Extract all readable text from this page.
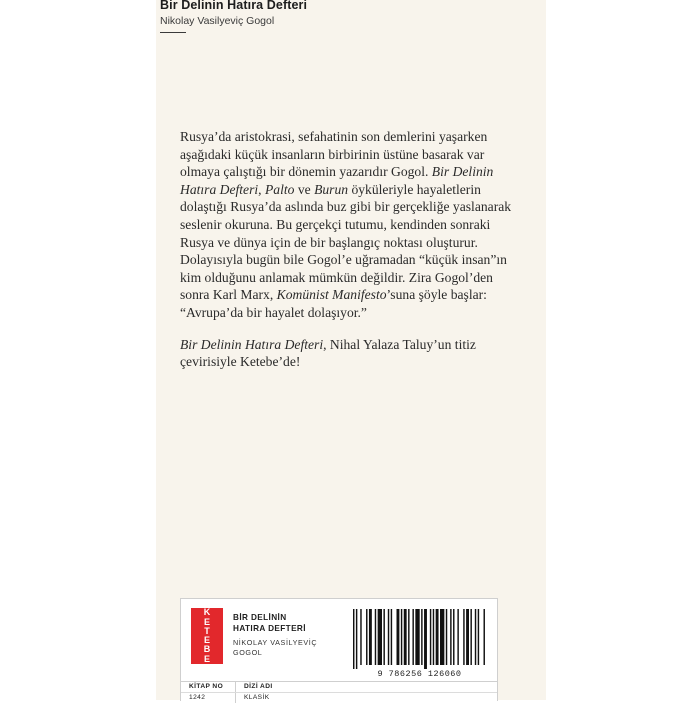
Bir Delinin Hatıra Defteri
Nikolay Vasilyeviç Gogol

Rusya’da aristokrasi, sefahatinin son demlerini yaşarken
aşağıdaki küçük insanların birbirinin üstüne basarak var
olmaya çalıştığı bir dönemin yazarıdır Gogol. Bir Delinin
Hatıra Defteri, Palto ve Burun öyküleriyle hayaletlerin
dolaştığı Rusya’da aslında buz gibi bir gerçekliğe yaslanarak
seslenir okuruna. Bu gerçekçi tutumu, kendinden sonraki
Rusya ve dünya için de bir başlangıç noktası oluşturur.
Dolayısıyla bugün bile Gogol’e uğramadan “küçük insan”ın
kim olduğunu anlamak mümkün değildir. Zira Gogol’den
sonra Karl Marx, Komünist Manifesto’suna şöyle başlar:
“Avrupa’da bir hayalet dolaşıyor.”

Bir Delinin Hatıra Defteri, Nihal Yalaza Taluy’un titiz
çevirisiyle Ketebe’de!

K
E
T
E
B
E
BİR DELİNİN
HATIRA DEFTERİ
NİKOLAY VASİLYEVİÇ
GOGOL
9 786256 126060
KİTAP NO	DİZİ ADI
1242	KLASİK
